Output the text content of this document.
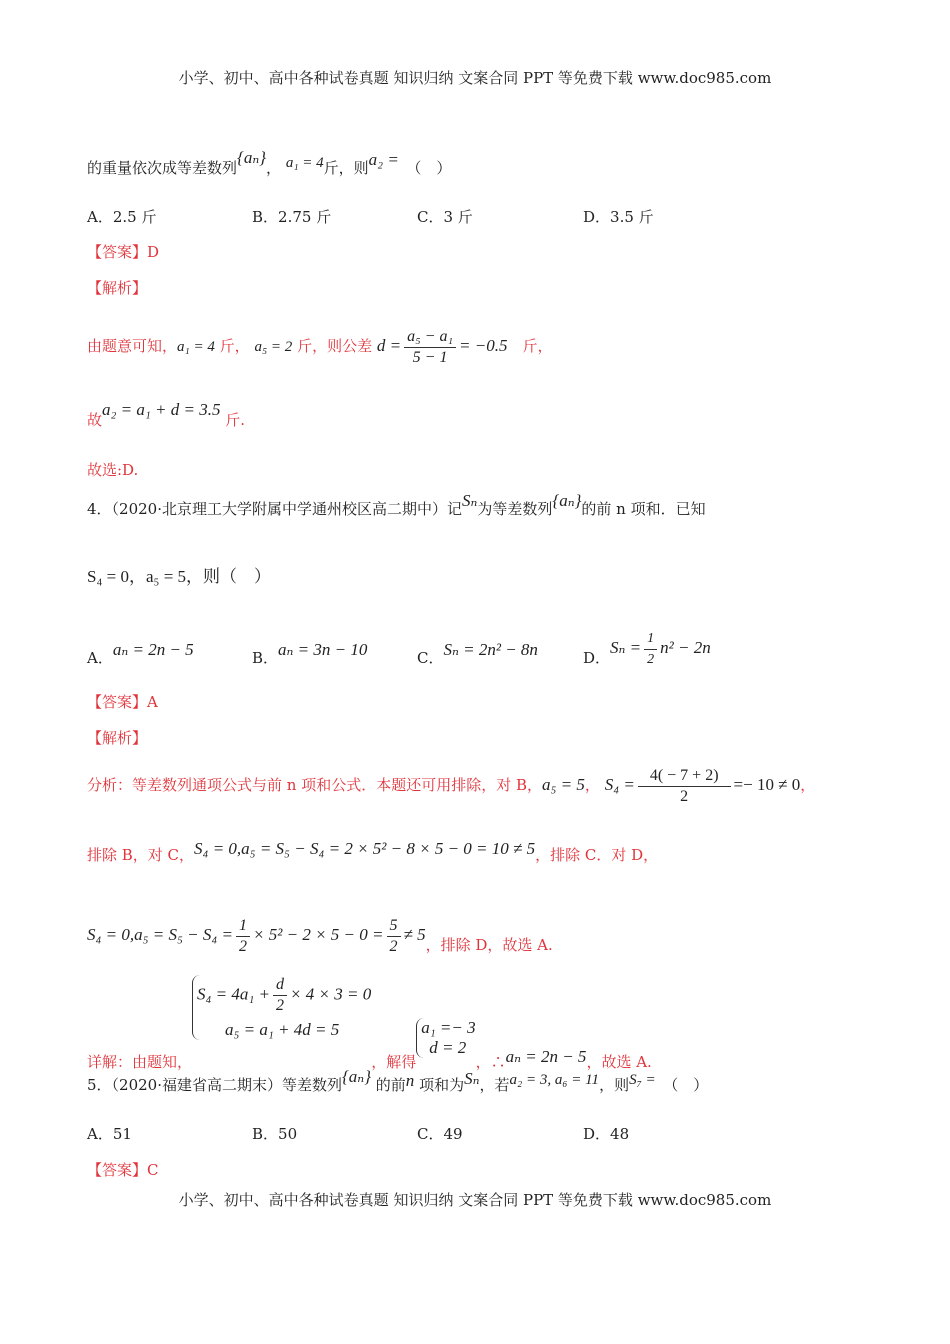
小学、初中、高中各种试卷真题 知识归纳 文案合同 PPT 等免费下载 www.doc985.com
的重量依次成等差数列{aₙ}， a₁ = 4斤，则a₂ =　 （　）
A．2.5 斤	B．2.75 斤	C．3 斤	D．3.5 斤
【答案】D
【解析】
由题意可知，a₁ = 4 斤， a₅ = 2 斤，则公差 $d = \frac{\text{a₅ − a₁}}{5 - 1} = -0.5$　 斤，
故a₂ = a₁ + d = 3.5 斤.
故选:D.
4．（2020·北京理工大学附属中学通州校区高二期中）记Sₙ为等差数列{aₙ}的前 n 项和．已知
S₄ = 0，a₅ = 5，则（　）
A．aₙ = 2n − 5	B．aₙ = 3n − 10	C．Sₙ = 2n² − 8n	D．$S_n = \frac{1}{2} n^2 - 2n$
【答案】A
【解析】
分析：等差数列通项公式与前 n 项和公式．本题还可用排除，对 B，a₅ = 5， $S_4 = \frac{4( - 7 + 2)}{2} =- 10 \ne 0$，
排除 B，对 C，S₄ = 0,a₅ = S₅ − S₄ = 2 × 5² − 8 × 5 − 0 = 10 ≠ 5，排除 C．对 D，
$S_4 = 0,a_5 = S_5 - S_4 = \frac{1}{2} \times 5^2 - 2 \times 5 - 0 = \frac{5}{2} \ne 5$，排除 D，故选 A.
详解：由题知，
$S_4 = 4a_1 + \frac{d}{2} \times 4 \times 3 = 0$
a₅ = a₁ + 4d = 5
，解得
a₁ =− 3
d = 2
，∴aₙ = 2n − 5，故选 A.
5．（2020·福建省高二期末）等差数列{aₙ} 的前n 项和为Sₙ，若a₂ = 3, a₆ = 11，则S₇ =　 （　）
A．51	B．50	C．49	D．48
【答案】C
小学、初中、高中各种试卷真题 知识归纳 文案合同 PPT 等免费下载 www.doc985.com
